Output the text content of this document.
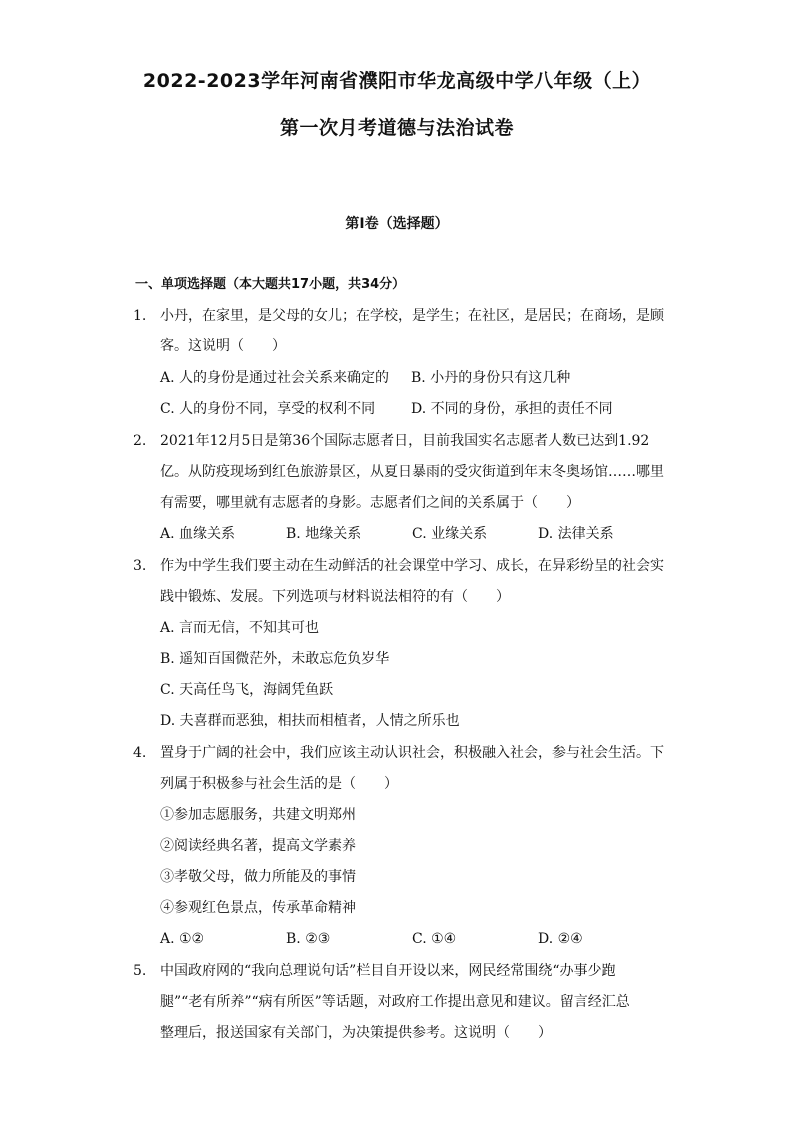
2022-2023学年河南省濮阳市华龙高级中学八年级（上）
第一次月考道德与法治试卷
第Ⅰ卷（选择题）
一、单项选择题（本大题共17小题，共34分）
1. 小丹，在家里，是父母的女儿；在学校，是学生；在社区，是居民；在商场，是顾
客。这说明（　　）
A. 人的身份是通过社会关系来确定的 B. 小丹的身份只有这几种
C. 人的身份不同，享受的权利不同	D. 不同的身份，承担的责任不同
2. 2021年12月5日是第36个国际志愿者日，目前我国实名志愿者人数已达到1.92
亿。从防疫现场到红色旅游景区，从夏日暴雨的受灾街道到年末冬奥场馆……哪里
有需要，哪里就有志愿者的身影。志愿者们之间的关系属于（　　）
A. 血缘关系	B. 地缘关系	C. 业缘关系	D. 法律关系
3. 作为中学生我们要主动在生动鲜活的社会课堂中学习、成长，在异彩纷呈的社会实
践中锻炼、发展。下列选项与材料说法相符的有（　　）
A. 言而无信，不知其可也
B. 遥知百国微茫外，未敢忘危负岁华
C. 天高任鸟飞，海阔凭鱼跃
D. 夫喜群而恶独，相扶而相植者，人情之所乐也
4. 置身于广阔的社会中，我们应该主动认识社会，积极融入社会，参与社会生活。下
列属于积极参与社会生活的是（　　）
①参加志愿服务，共建文明郑州
②阅读经典名著，提高文学素养
③孝敬父母，做力所能及的事情
④参观红色景点，传承革命精神
A. ①②	B. ②③	C. ①④	D. ②④
5. 中国政府网的“我向总理说句话”栏目自开设以来，网民经常围绕“办事少跑
腿”“老有所养”“病有所医”等话题，对政府工作提出意见和建议。留言经汇总
整理后，报送国家有关部门，为决策提供参考。这说明（　　）
